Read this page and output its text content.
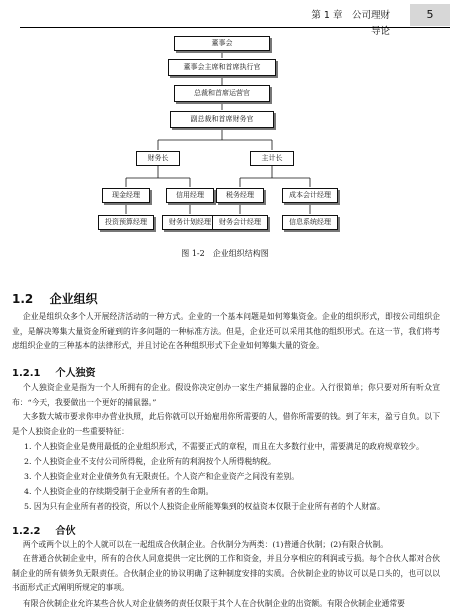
第 1 章　公司理财导论
5
董事会
董事会主席和首席执行官
总裁和首席运营官
副总裁和首席财务官
财务长	主计长
现金经理	信用经理	税务经理	成本会计经理
投资预算经理	财务计划经理	财务会计经理	信息系统经理
图 1-2　企业组织结构图
1.2 企业组织
企业是组织众多个人开展经济活动的一种方式。企业的一个基本问题是如何筹集资金。企业的组织形式，即按公司组织企业，是解决筹集大量资金所碰到的许多问题的一种标准方法。但是，企业还可以采用其他的组织形式。在这一节，我们将考虑组织企业的三种基本的法律形式，并且讨论在各种组织形式下企业如何筹集大量的资金。
1.2.1 个人独资
个人独资企业是指为一个人所拥有的企业。假设你决定创办一家生产捕鼠器的企业。入行很简单；你只要对所有听众宣布：“今天，我要做出一个更好的捕鼠器。”
大多数大城市要求你申办营业执照，此后你就可以开始雇用你所需要的人，借你所需要的钱。到了年末，盈亏自负。以下是个人独资企业的一些重要特征：
1. 个人独资企业是费用最低的企业组织形式，不需要正式的章程，而且在大多数行业中，需要满足的政府规章较少。
2. 个人独资企业不支付公司所得税，企业所有的利润按个人所得税纳税。
3. 个人独资企业对企业债务负有无限责任。个人资产和企业资产之间没有差别。
4. 个人独资企业的存续期受制于企业所有者的生命期。
5. 因为只有企业所有者的投资，所以个人独资企业所能筹集到的权益资本仅限于企业所有者的个人财富。
1.2.2 合伙
两个或两个以上的个人就可以在一起组成合伙制企业。合伙制分为两类：(1)普通合伙制；(2)有限合伙制。
在普通合伙制企业中，所有的合伙人同意提供一定比例的工作和资金，并且分享相应的利润或亏损。每个合伙人都对合伙制企业的所有债务负无限责任。合伙制企业的协议明确了这种制度安排的实质。合伙制企业的协议可以是口头的，也可以以书面形式正式阐明所规定的事项。
有限合伙制企业允许某些合伙人对企业债务的责任仅限于其个人在合伙制企业的出资额。有限合伙制企业通常要
